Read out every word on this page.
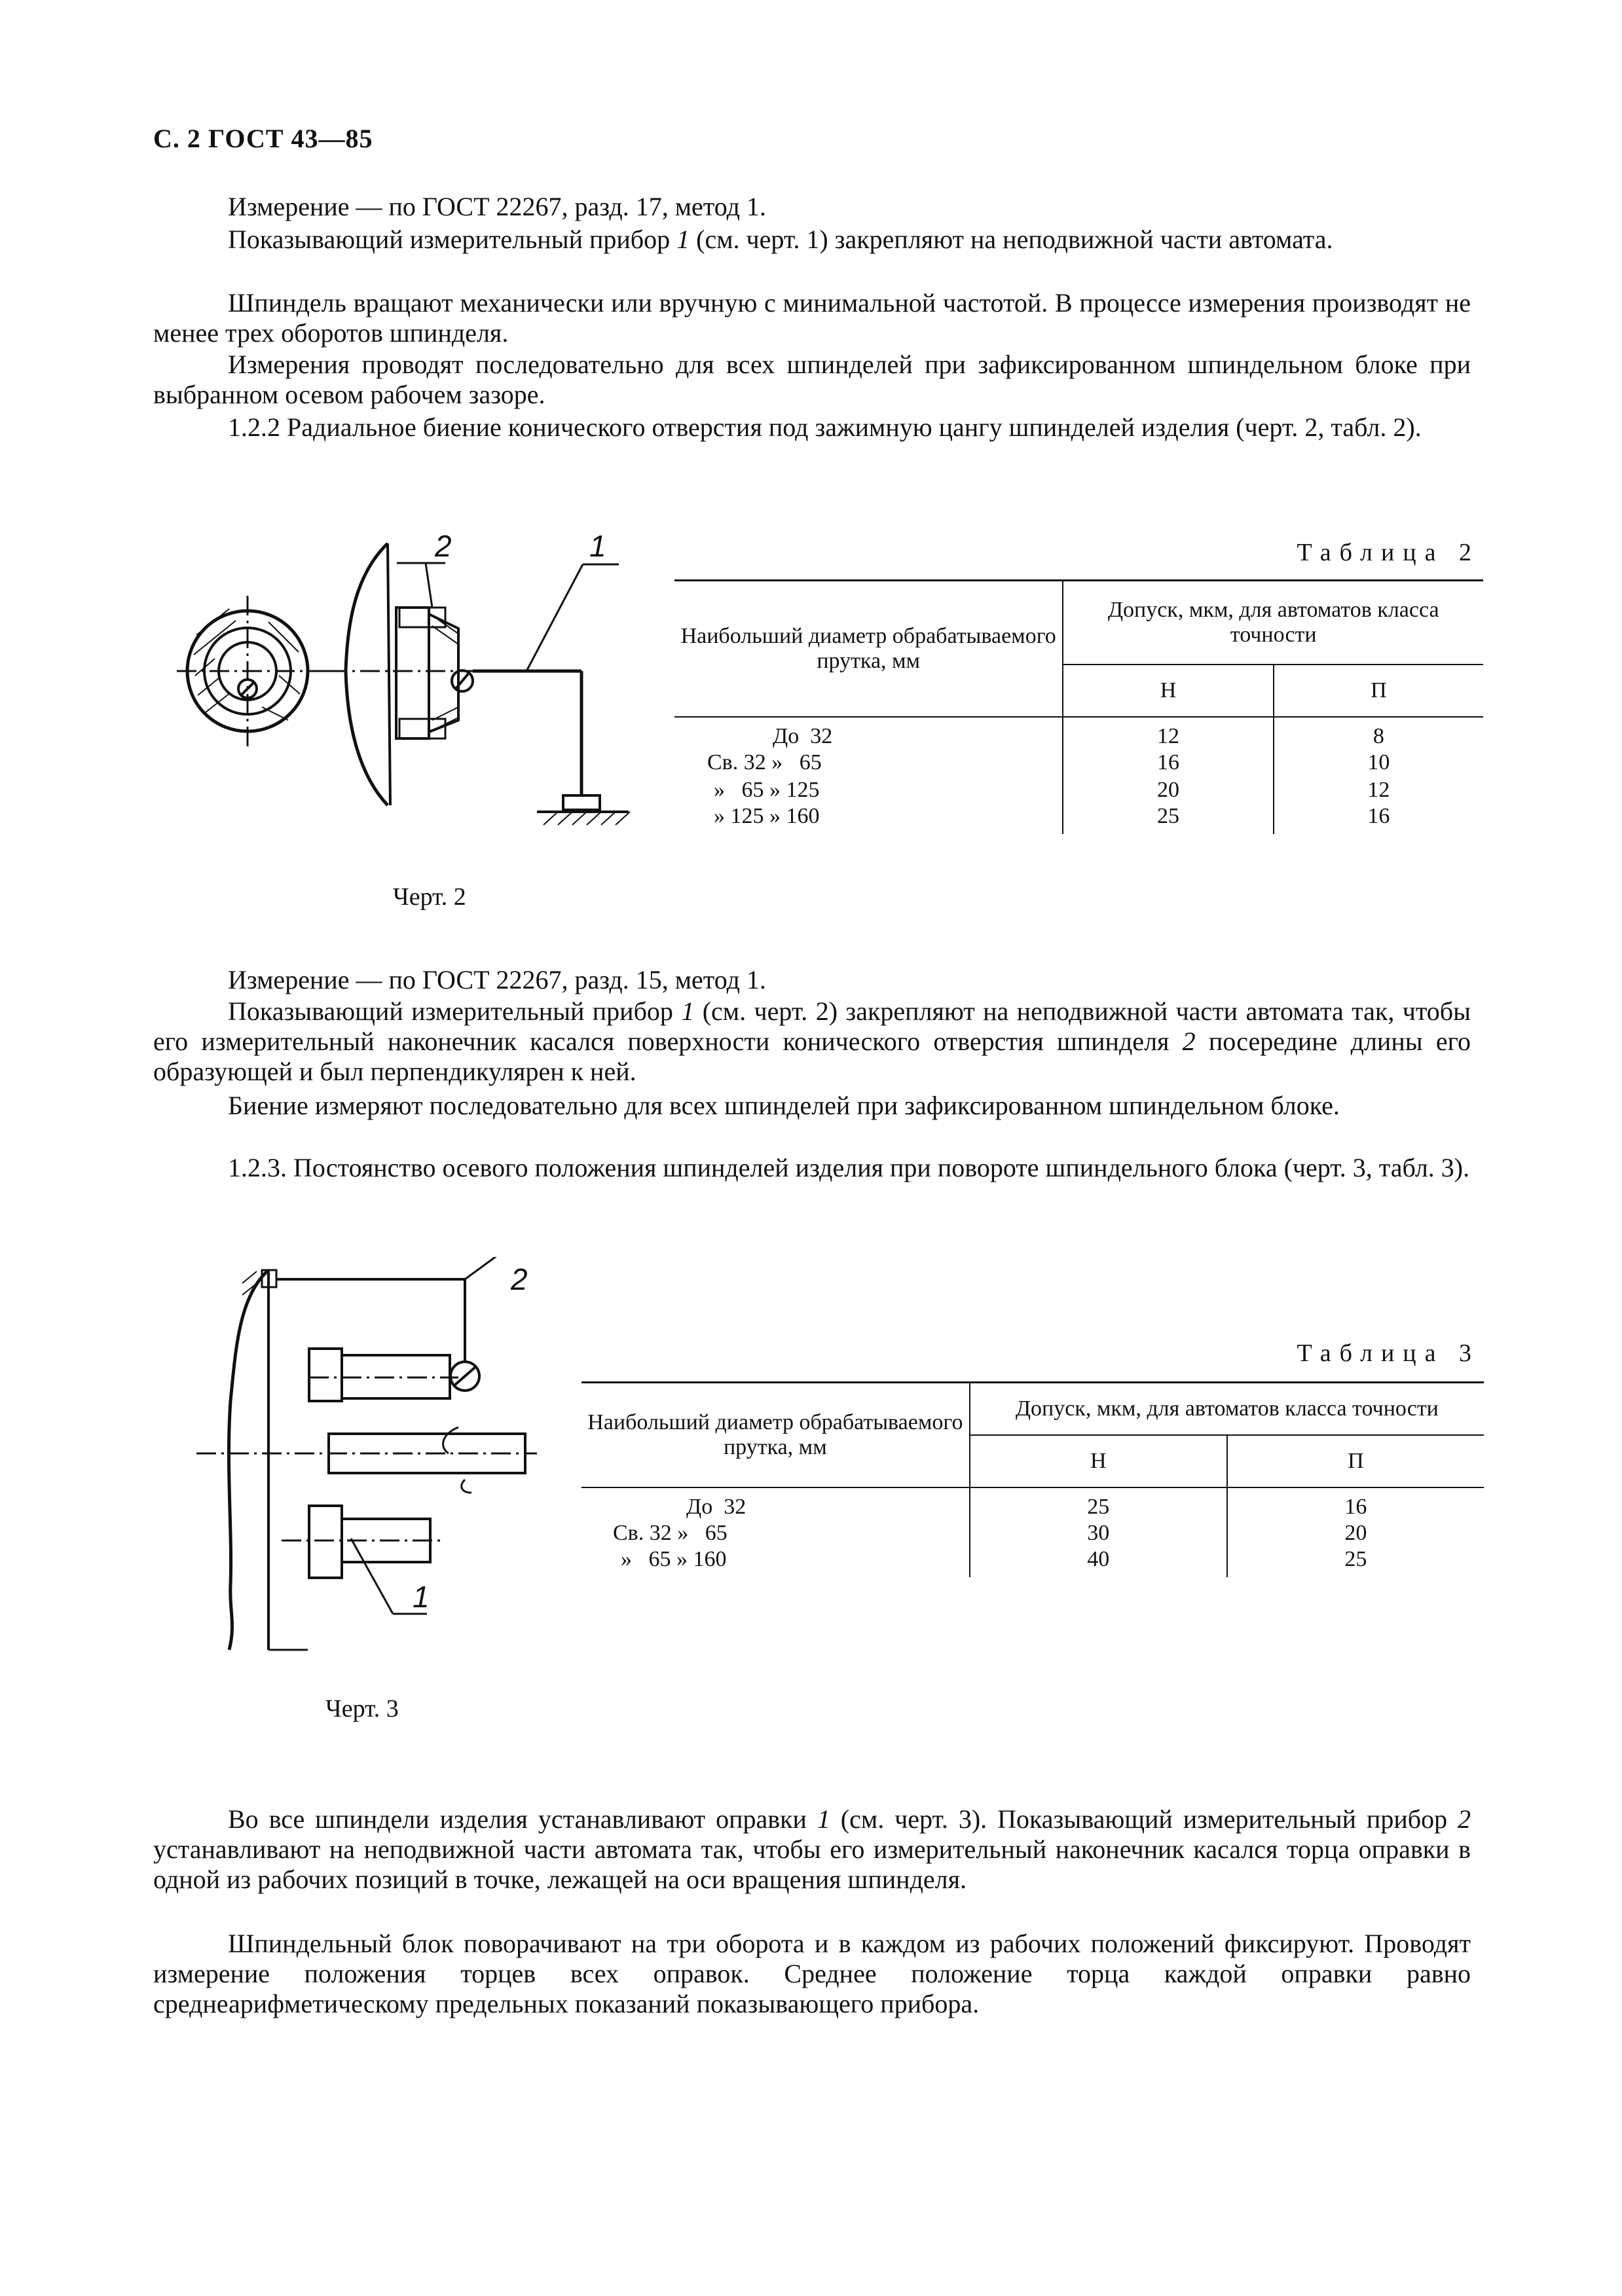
С. 2 ГОСТ 43—85

Измерение — по ГОСТ 22267, разд. 17, метод 1.

Показывающий измерительный прибор 1 (см. черт. 1) закрепляют на неподвижной части автомата.

Шпиндель вращают механически или вручную с минимальной частотой. В процессе измерения производят не менее трех оборотов шпинделя.

Измерения проводят последовательно для всех шпинделей при зафиксированном шпиндельном блоке при выбранном осевом рабочем зазоре.

1.2.2 Радиальное биение конического отверстия под зажимную цангу шпинделей изделия (черт. 2, табл. 2).

2	1
Черт. 2
Таблица 2
Наибольший диаметр обрабатываемого прутка, мм	Допуск, мкм, для автоматов класса точности	
	Н	П
До  32	12	8
Св. 32 »   65	16	10
»   65 » 125	20	12
» 125 » 160	25	16

Измерение — по ГОСТ 22267, разд. 15, метод 1.

Показывающий измерительный прибор 1 (см. черт. 2) закрепляют на неподвижной части автомата так, чтобы его измерительный наконечник касался поверхности конического отверстия шпинделя 2 посередине длины его образующей и был перпендикулярен к ней.

Биение измеряют последовательно для всех шпинделей при зафиксированном шпиндельном блоке.

1.2.3. Постоянство осевого положения шпинделей изделия при повороте шпиндельного блока (черт. 3, табл. 3).

2
1
Черт. 3
Таблица 3
Наибольший диаметр обрабатываемого прутка, мм	Допуск, мкм, для автоматов класса точности	
	Н	П
До  32	25	16
Св. 32 »   65	30	20
»   65 » 160	40	25

Во все шпиндели изделия устанавливают оправки 1 (см. черт. 3). Показывающий измерительный прибор 2 устанавливают на неподвижной части автомата так, чтобы его измерительный наконечник касался торца оправки в одной из рабочих позиций в точке, лежащей на оси вращения шпинделя.

Шпиндельный блок поворачивают на три оборота и в каждом из рабочих положений фиксируют. Проводят измерение положения торцев всех оправок. Среднее положение торца каждой оправки равно среднеарифметическому предельных показаний показывающего прибора.
